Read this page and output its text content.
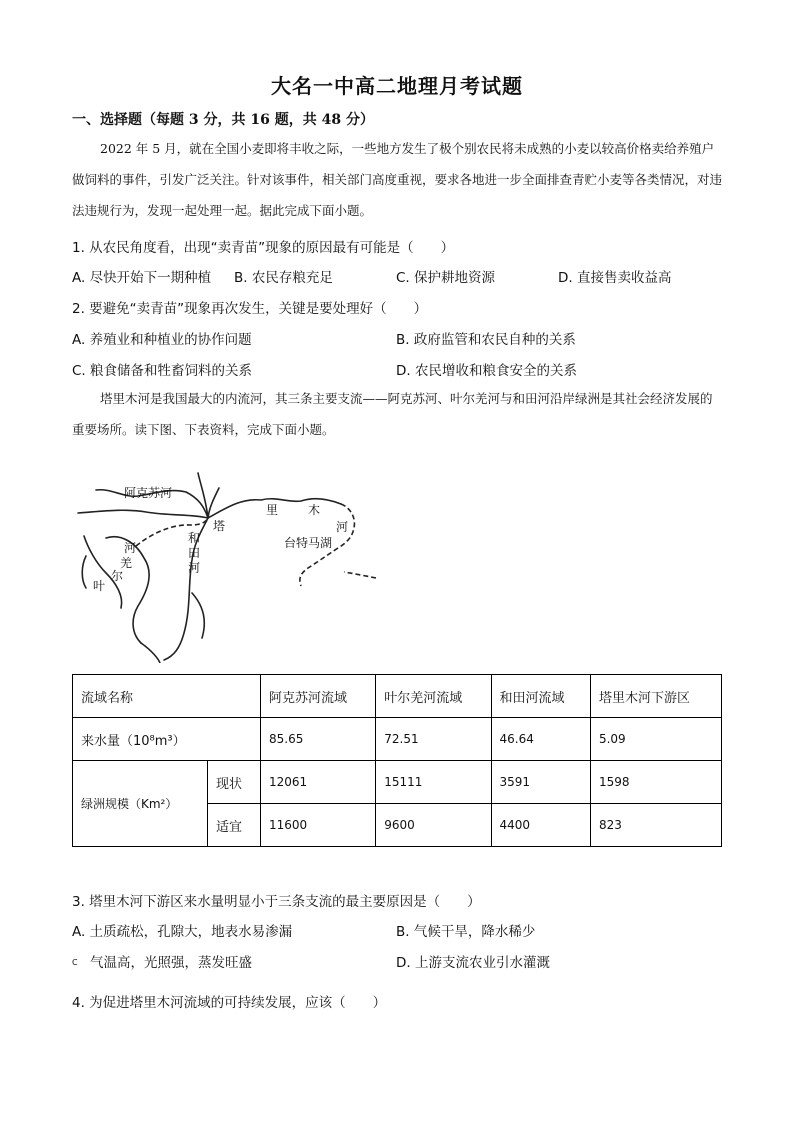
大名一中高二地理月考试题
一、选择题（每题 3 分，共 16 题，共 48 分）
2022 年 5 月，就在全国小麦即将丰收之际，一些地方发生了极个别农民将未成熟的小麦以较高价格卖给养殖户做饲料的事件，引发广泛关注。针对该事件，相关部门高度重视，要求各地进一步全面排查青贮小麦等各类情况，对违法违规行为，发现一起处理一起。据此完成下面小题。
1. 从农民角度看，出现“卖青苗”现象的原因最有可能是（　　）
A. 尽快开始下一期种植 B. 农民存粮充足	C. 保护耕地资源	D. 直接售卖收益高
2. 要避免“卖青苗”现象再次发生，关键是要处理好（　　）
A. 养殖业和种植业的协作问题	B. 政府监管和农民自种的关系
C. 粮食储备和牲畜饲料的关系	D. 农民增收和粮食安全的关系
塔里木河是我国最大的内流河，其三条主要支流——阿克苏河、叶尔羌河与和田河沿岸绿洲是其社会经济发展的重要场所。读下图、下表资料，完成下面小题。
阿克苏河
塔
里 木
河
和
田
河
台特马湖
河
羌
尔
叶
流域名称		阿克苏河流域	叶尔羌河流域	和田河流域	塔里木河下游区
来水量（10⁸m³）		85.65	72.51	46.64	5.09
绿洲规模（Km²）	现状	12061	15111	3591	1598
	适宜	11600	9600	4400	823
3. 塔里木河下游区来水量明显小于三条支流的最主要原因是（　　）
A. 土质疏松，孔隙大，地表水易渗漏	B. 气候干旱，降水稀少
C 气温高，光照强，蒸发旺盛	D. 上游支流农业引水灌溉
4. 为促进塔里木河流域的可持续发展，应该（　　）
